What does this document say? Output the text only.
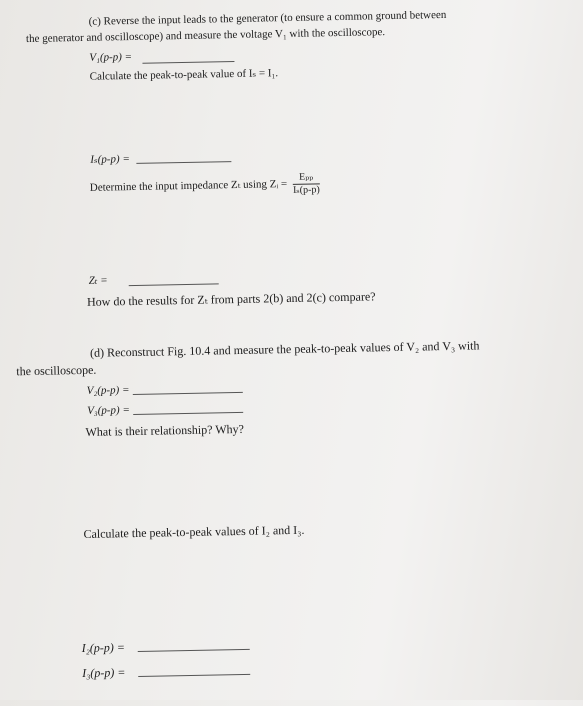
(c) Reverse the input leads to the generator (to ensure a common ground between
the generator and oscilloscope) and measure the voltage V₁ with the oscilloscope.
V₁(p-p) =
Calculate the peak-to-peak value of Iₛ = I₁.
Iₛ(p-p) =
Determine the input impedance Zₜ using Zᵢ = $\frac{\text{Eₚₚ}}{\text{Iₛ(p-p)}}$
Zₜ =
How do the results for Zₜ from parts 2(b) and 2(c) compare?
(d) Reconstruct Fig. 10.4 and measure the peak-to-peak values of V₂ and V₃ with
the oscilloscope.
V₂(p-p) =
V₃(p-p) =
What is their relationship? Why?
Calculate the peak-to-peak values of I₂ and I₃.
I₂(p-p) =
I₃(p-p) =
